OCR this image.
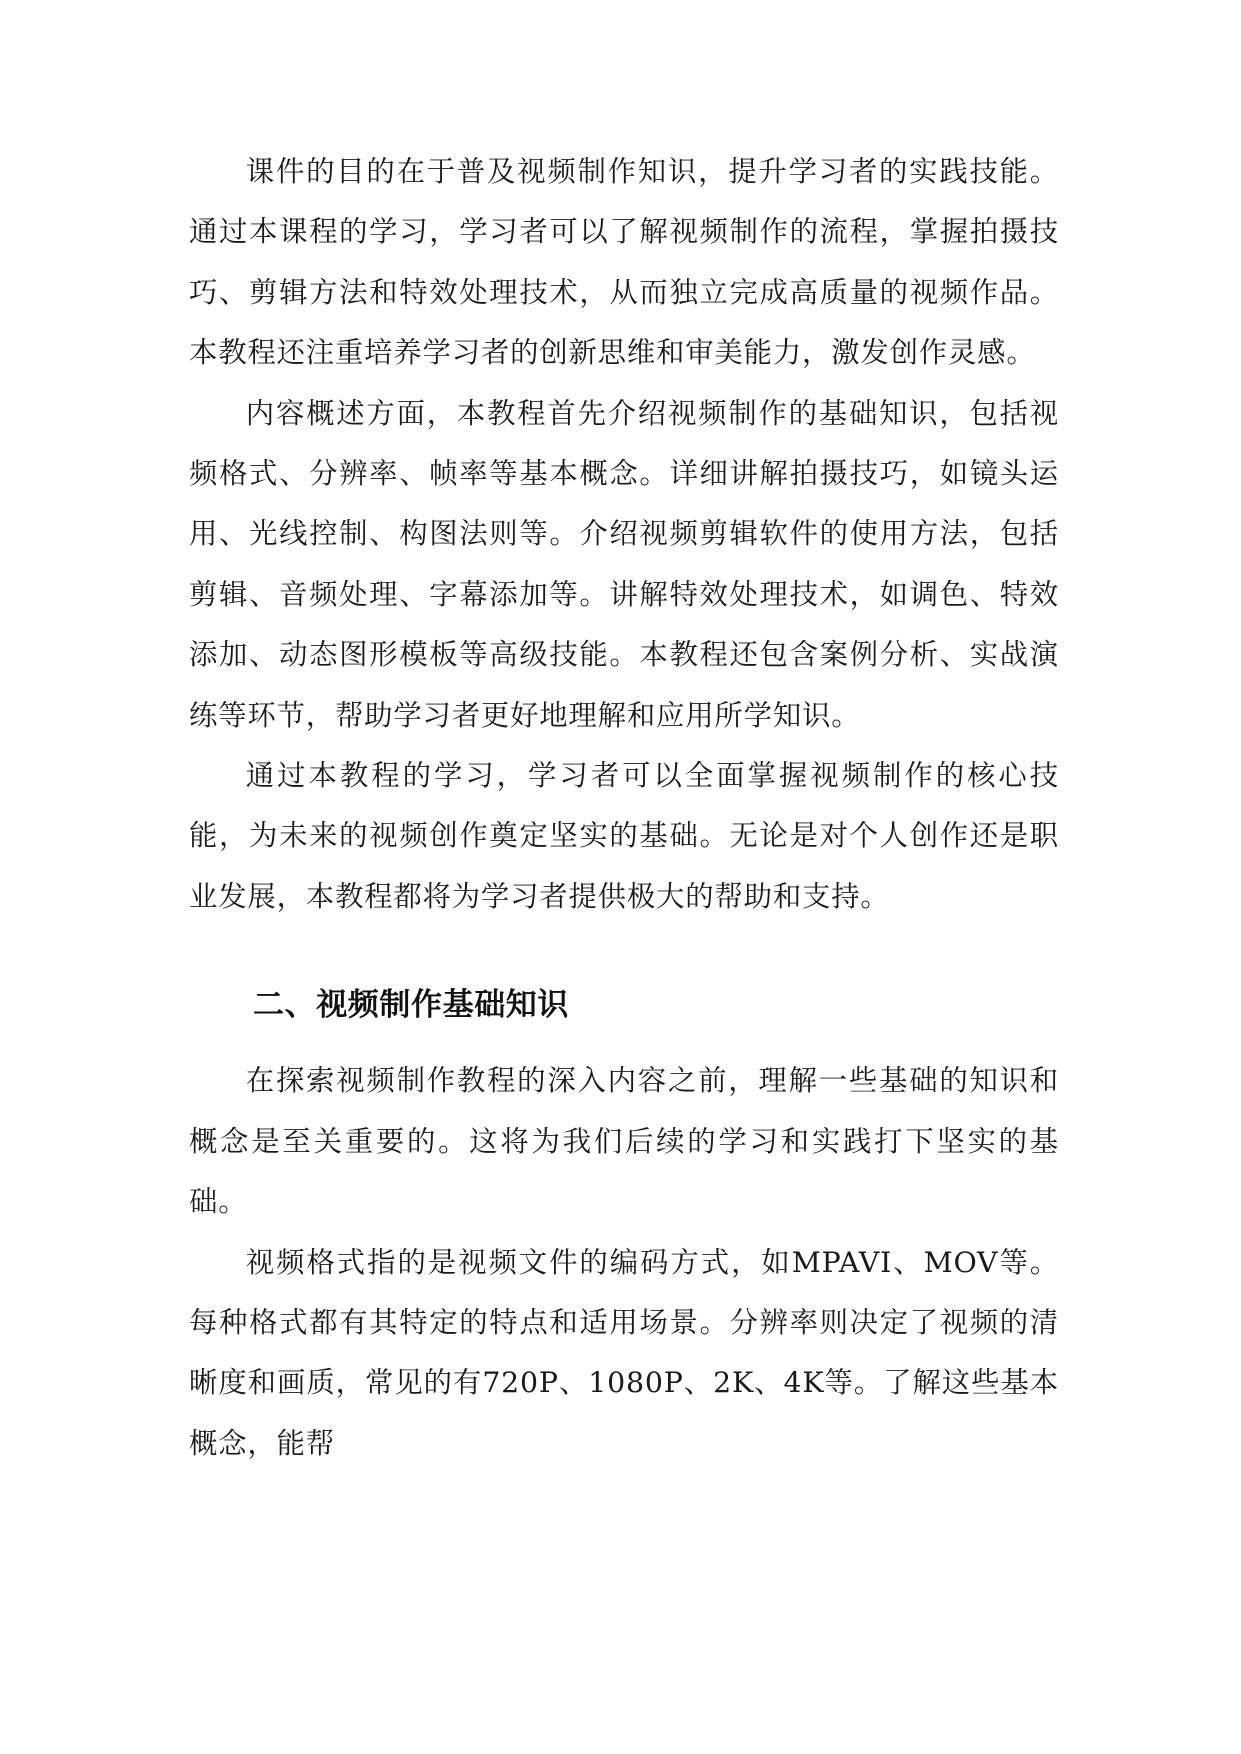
课件的目的在于普及视频制作知识，提升学习者的实践技能。通过本课程的学习，学习者可以了解视频制作的流程，掌握拍摄技巧、剪辑方法和特效处理技术，从而独立完成高质量的视频作品。本教程还注重培养学习者的创新思维和审美能力，激发创作灵感。

内容概述方面，本教程首先介绍视频制作的基础知识，包括视频格式、分辨率、帧率等基本概念。详细讲解拍摄技巧，如镜头运用、光线控制、构图法则等。介绍视频剪辑软件的使用方法，包括剪辑、音频处理、字幕添加等。讲解特效处理技术，如调色、特效添加、动态图形模板等高级技能。本教程还包含案例分析、实战演练等环节，帮助学习者更好地理解和应用所学知识。

通过本教程的学习，学习者可以全面掌握视频制作的核心技能，为未来的视频创作奠定坚实的基础。无论是对个人创作还是职业发展，本教程都将为学习者提供极大的帮助和支持。

二、视频制作基础知识

在探索视频制作教程的深入内容之前，理解一些基础的知识和概念是至关重要的。这将为我们后续的学习和实践打下坚实的基础。

视频格式指的是视频文件的编码方式，如MPAVI、MOV等。每种格式都有其特定的特点和适用场景。分辨率则决定了视频的清晰度和画质，常见的有720P、1080P、2K、4K等。了解这些基本概念，能帮
